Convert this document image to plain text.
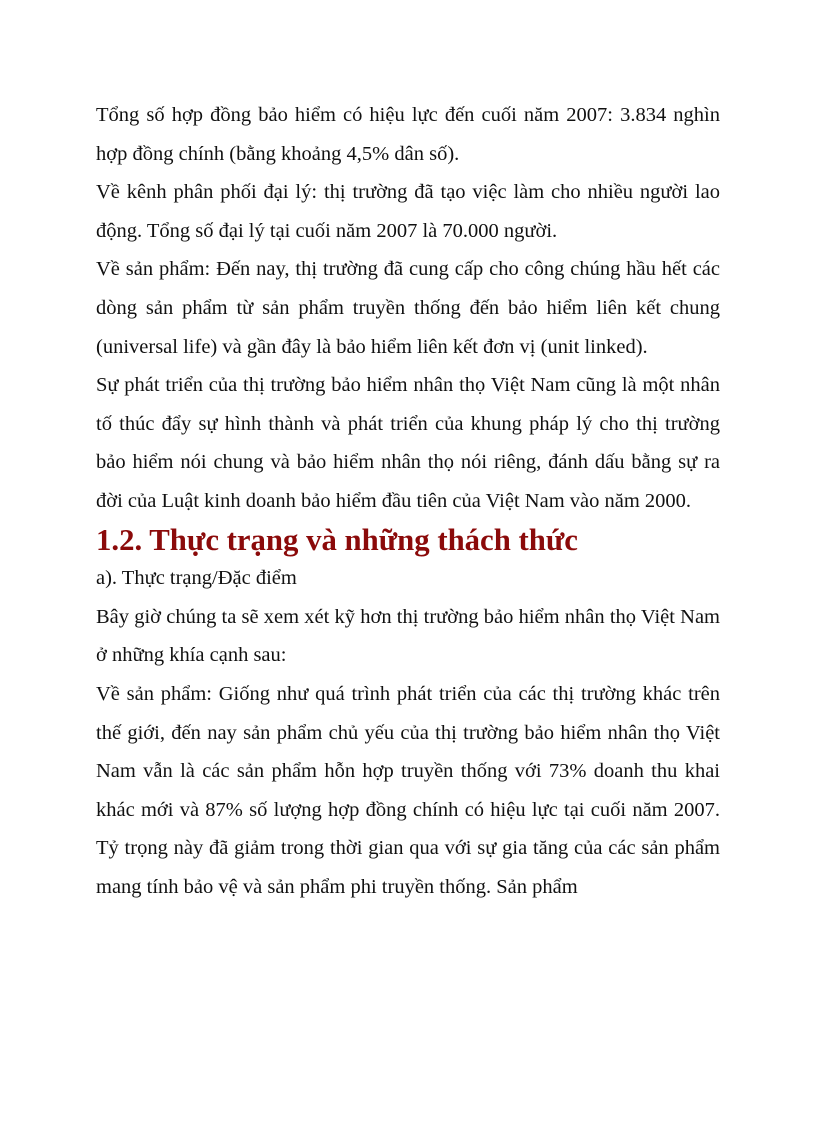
Tổng số hợp đồng bảo hiểm có hiệu lực đến cuối năm 2007: 3.834 nghìn hợp đồng chính (bằng khoảng 4,5% dân số).

Về kênh phân phối đại lý: thị trường đã tạo việc làm cho nhiều người lao động. Tổng số đại lý tại cuối năm 2007 là 70.000 người.

Về sản phẩm: Đến nay, thị trường đã cung cấp cho công chúng hầu hết các dòng sản phẩm từ sản phẩm truyền thống đến bảo hiểm liên kết chung (universal life) và gần đây là bảo hiểm liên kết đơn vị (unit linked).

Sự phát triển của thị trường bảo hiểm nhân thọ Việt Nam cũng là một nhân tố thúc đẩy sự hình thành và phát triển của khung pháp lý cho thị trường bảo hiểm nói chung và bảo hiểm nhân thọ nói riêng, đánh dấu bằng sự ra đời của Luật kinh doanh bảo hiểm đầu tiên của Việt Nam vào năm 2000.

1.2. Thực trạng và những thách thức

a). Thực trạng/Đặc điểm

Bây giờ chúng ta sẽ xem xét kỹ hơn thị trường bảo hiểm nhân thọ Việt Nam ở những khía cạnh sau:

Về sản phẩm: Giống như quá trình phát triển của các thị trường khác trên thế giới, đến nay sản phẩm chủ yếu của thị trường bảo hiểm nhân thọ Việt Nam vẫn là các sản phẩm hỗn hợp truyền thống với 73% doanh thu khai khác mới và 87% số lượng hợp đồng chính có hiệu lực tại cuối năm 2007. Tỷ trọng này đã giảm trong thời gian qua với sự gia tăng của các sản phẩm mang tính bảo vệ và sản phẩm phi truyền thống. Sản phẩm
